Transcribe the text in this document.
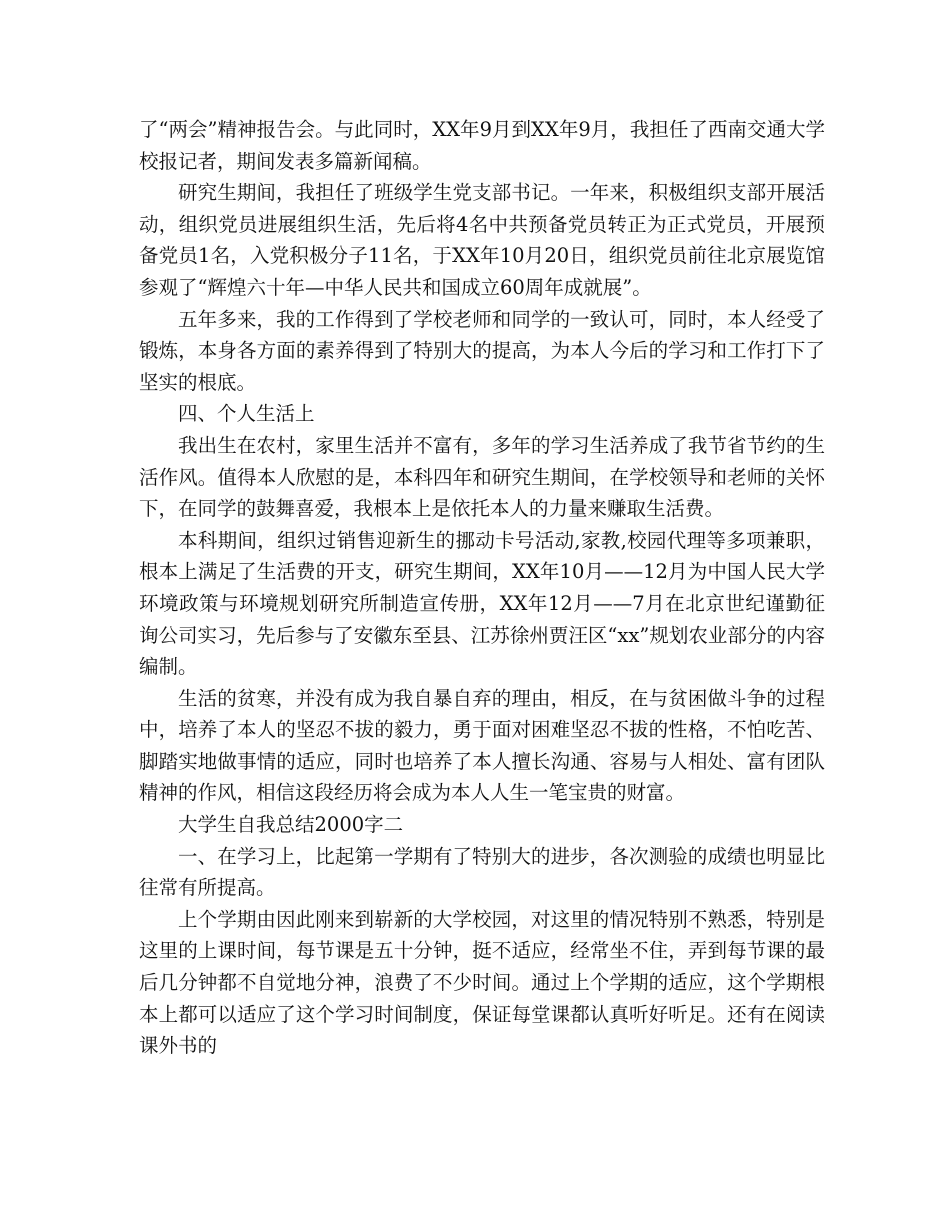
了“两会”精神报告会。与此同时，XX年9月到XX年9月，我担任了西南交通大学校报记者，期间发表多篇新闻稿。

研究生期间，我担任了班级学生党支部书记。一年来，积极组织支部开展活动，组织党员进展组织生活，先后将4名中共预备党员转正为正式党员，开展预备党员1名，入党积极分子11名，于XX年10月20日，组织党员前往北京展览馆参观了“辉煌六十年—中华人民共和国成立60周年成就展”。

五年多来，我的工作得到了学校老师和同学的一致认可，同时，本人经受了锻炼，本身各方面的素养得到了特别大的提高，为本人今后的学习和工作打下了坚实的根底。

四、个人生活上

我出生在农村，家里生活并不富有，多年的学习生活养成了我节省节约的生活作风。值得本人欣慰的是，本科四年和研究生期间，在学校领导和老师的关怀下，在同学的鼓舞喜爱，我根本上是依托本人的力量来赚取生活费。

本科期间，组织过销售迎新生的挪动卡号活动,家教,校园代理等多项兼职，根本上满足了生活费的开支，研究生期间，XX年10月——12月为中国人民大学环境政策与环境规划研究所制造宣传册，XX年12月——7月在北京世纪谨勤征询公司实习，先后参与了安徽东至县、江苏徐州贾汪区“xx”规划农业部分的内容编制。

生活的贫寒，并没有成为我自暴自弃的理由，相反，在与贫困做斗争的过程中，培养了本人的坚忍不拔的毅力，勇于面对困难坚忍不拔的性格，不怕吃苦、脚踏实地做事情的适应，同时也培养了本人擅长沟通、容易与人相处、富有团队精神的作风，相信这段经历将会成为本人人生一笔宝贵的财富。

大学生自我总结2000字二

一、在学习上，比起第一学期有了特别大的进步，各次测验的成绩也明显比往常有所提高。

上个学期由因此刚来到崭新的大学校园，对这里的情况特别不熟悉，特别是这里的上课时间，每节课是五十分钟，挺不适应，经常坐不住，弄到每节课的最后几分钟都不自觉地分神，浪费了不少时间。通过上个学期的适应，这个学期根本上都可以适应了这个学习时间制度，保证每堂课都认真听好听足。还有在阅读课外书的
